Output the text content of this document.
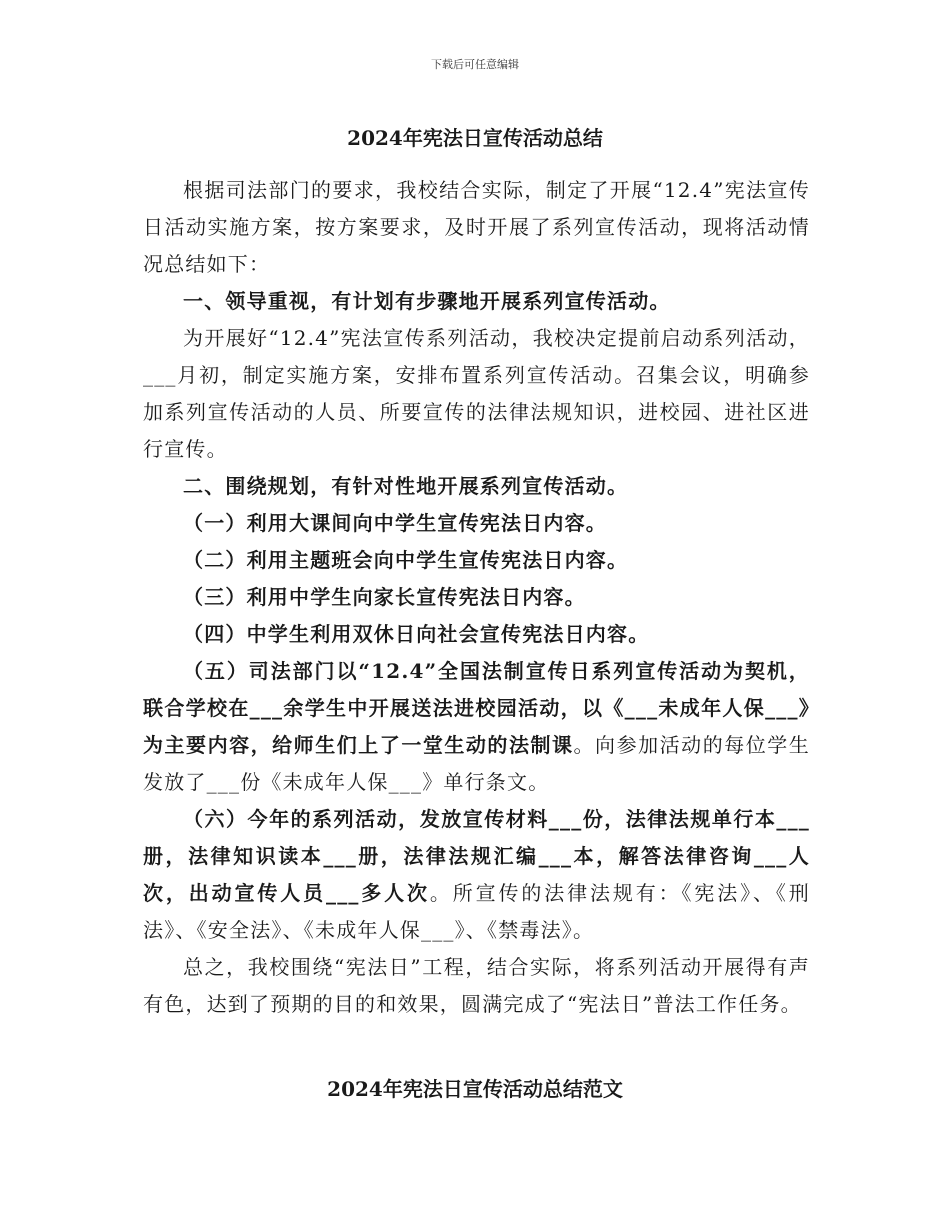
下载后可任意编辑
2024年宪法日宣传活动总结

根据司法部门的要求，我校结合实际，制定了开展“12.4”宪法宣传日活动实施方案，按方案要求，及时开展了系列宣传活动，现将活动情况总结如下：

一、领导重视，有计划有步骤地开展系列宣传活动。

为开展好“12.4”宪法宣传系列活动，我校决定提前启动系列活动，___月初，制定实施方案，安排布置系列宣传活动。召集会议，明确参加系列宣传活动的人员、所要宣传的法律法规知识，进校园、进社区进行宣传。

二、围绕规划，有针对性地开展系列宣传活动。

（一）利用大课间向中学生宣传宪法日内容。

（二）利用主题班会向中学生宣传宪法日内容。

（三）利用中学生向家长宣传宪法日内容。

（四）中学生利用双休日向社会宣传宪法日内容。

（五）司法部门以“12.4”全国法制宣传日系列宣传活动为契机，联合学校在___余学生中开展送法进校园活动，以《___未成年人保___》为主要内容，给师生们上了一堂生动的法制课。向参加活动的每位学生发放了___份《未成年人保___》单行条文。

（六）今年的系列活动，发放宣传材料___份，法律法规单行本___册，法律知识读本___册，法律法规汇编___本，解答法律咨询___人次，出动宣传人员___多人次。所宣传的法律法规有：《宪法》、《刑法》、《安全法》、《未成年人保___》、《禁毒法》。

总之，我校围绕“宪法日”工程，结合实际，将系列活动开展得有声有色，达到了预期的目的和效果，圆满完成了“宪法日”普法工作任务。

2024年宪法日宣传活动总结范文
